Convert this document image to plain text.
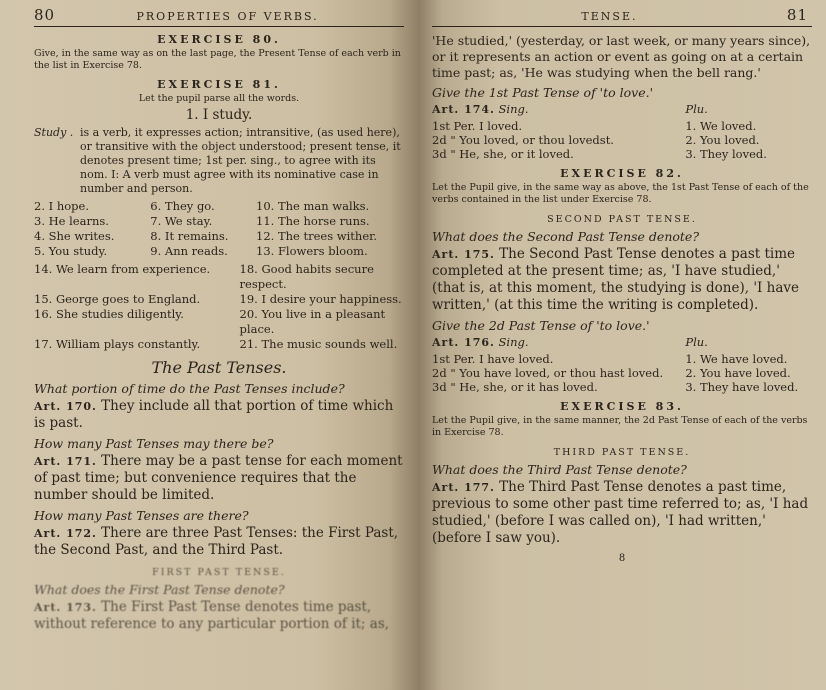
80	PROPERTIES OF VERBS.
EXERCISE 80.
Give, in the same way as on the last page, the Present Tense of each verb in the list in Exercise 78.
EXERCISE 81.
Let the pupil parse all the words.
1. I study.
Study . is a verb, it expresses action; intransitive, (as used here), or transitive with the object understood; present tense, it denotes present time; 1st per. sing., to agree with its nom. I: A verb must agree with its nominative case in number and person.
2. I hope.	6. They go.	10. The man walks.
3. He learns.	7. We stay.	11. The horse runs.
4. She writes.	8. It remains.	12. The trees wither.
5. You study.	9. Ann reads.	13. Flowers bloom.
14. We learn from experience.	18. Good habits secure respect.
15. George goes to England.	19. I desire your happiness.
16. She studies diligently.	20. You live in a pleasant place.
17. William plays constantly.	21. The music sounds well.
The Past Tenses.
What portion of time do the Past Tenses include?
Art. 170. They include all that portion of time which is past.
How many Past Tenses may there be?
Art. 171. There may be a past tense for each moment of past time; but convenience requires that the number should be limited.
How many Past Tenses are there?
Art. 172. There are three Past Tenses: the First Past, the Second Past, and the Third Past.
FIRST PAST TENSE.
What does the First Past Tense denote?
Art. 173. The First Past Tense denotes time past, without reference to any particular portion of it; as,
TENSE.	81
'He studied,' (yesterday, or last week, or many years since), or it represents an action or event as going on at a certain time past; as, 'He was studying when the bell rang.'
Give the 1st Past Tense of 'to love.'
Art. 174. Sing.	Plu.
1st Per. I loved.	1. We loved.
2d " You loved, or thou lovedst.	2. You loved.
3d " He, she, or it loved.	3. They loved.
EXERCISE 82.
Let the Pupil give, in the same way as above, the 1st Past Tense of each of the verbs contained in the list under Exercise 78.
SECOND PAST TENSE.
What does the Second Past Tense denote?
Art. 175. The Second Past Tense denotes a past time completed at the present time; as, 'I have studied,' (that is, at this moment, the studying is done), 'I have written,' (at this time the writing is completed).
Give the 2d Past Tense of 'to love.'
Art. 176. Sing.	Plu.
1st Per. I have loved.	1. We have loved.
2d " You have loved, or thou hast loved.	2. You have loved.
3d " He, she, or it has loved.	3. They have loved.
EXERCISE 83.
Let the Pupil give, in the same manner, the 2d Past Tense of each of the verbs in Exercise 78.
THIRD PAST TENSE.
What does the Third Past Tense denote?
Art. 177. The Third Past Tense denotes a past time, previous to some other past time referred to; as, 'I had studied,' (before I was called on), 'I had written,' (before I saw you).
8
